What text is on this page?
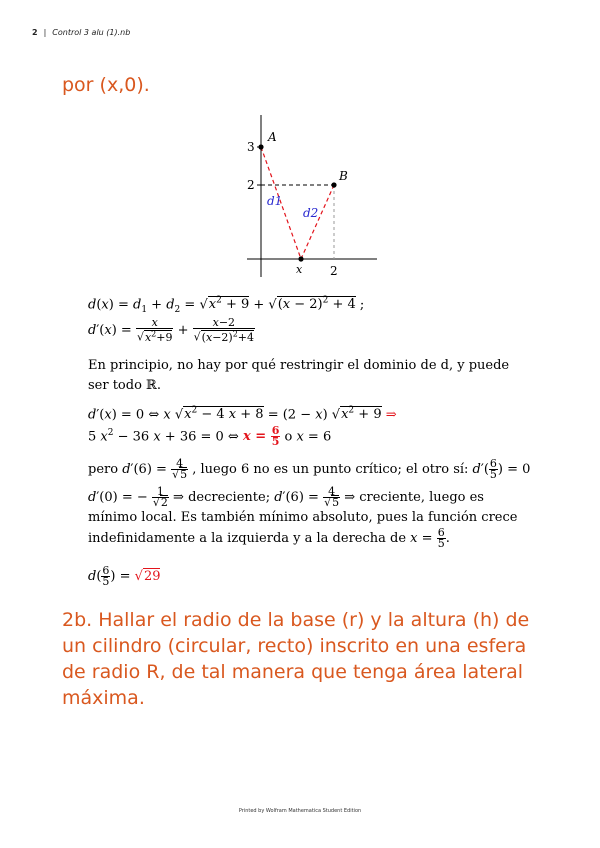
2 | Control 3 alu (1).nb
por (x,0).
A
B
x
3
2
2
d1
d2
$d(x) = d_1 + d_2 = √x^2 + 9 + √(x - 2)^2 + 4$ ;
$d'(x) = \frac{x}{√x^2+9} + \frac{x-2}{√(x-2)^2+4}$
En principio, no hay por qué restringir el dominio de d, y puede ser todo ℝ.
d′(x) = 0 ⇔ x $√x^2 - 4$ x + 8 = (2 − x) $√x^2 + 9$ ⇒
5 $x^2 - 36$ x + 36 = 0 ⇔ $x = \frac{6}{5}$ o x = 6
pero $d'(6) = \frac{4}{√5}$ , luego 6 no es un punto crítico; el otro sí: $d'( \frac{6}{5}$ ) = 0
d′(0) = − $\frac{1}{√2}$ ⇒ decreciente; $d'(6) = \frac{4}{√5}$ ⇒ creciente, luego es mínimo local. Es también mínimo absoluto, pues la función crece indefinidamente a la izquierda y a la derecha de $x = \frac{6}{5}$ .
$d( \frac{6}{5}$ ) = √29
2b. Hallar el radio de la base (r) y la altura (h) de un cilindro (circular, recto) inscrito en una esfera de radio R, de tal manera que tenga área lateral máxima.
Printed by Wolfram Mathematica Student Edition
